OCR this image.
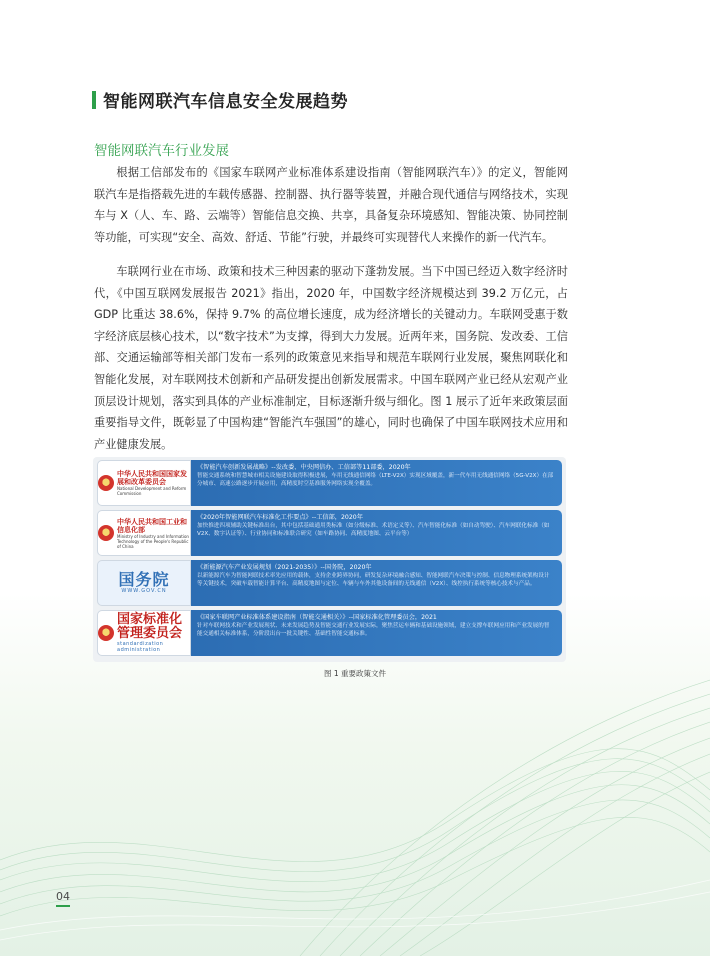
智能网联汽车信息安全发展趋势
智能网联汽车行业发展

根据工信部发布的《国家车联网产业标准体系建设指南（智能网联汽车）》的定义，智能网联汽车是指搭载先进的车载传感器、控制器、执行器等装置，并融合现代通信与网络技术，实现车与 X（人、车、路、云端等）智能信息交换、共享，具备复杂环境感知、智能决策、协同控制等功能，可实现“安全、高效、舒适、节能”行驶，并最终可实现替代人来操作的新一代汽车。

车联网行业在市场、政策和技术三种因素的驱动下蓬勃发展。当下中国已经迈入数字经济时代，《中国互联网发展报告 2021》指出，2020 年，中国数字经济规模达到 39.2 万亿元，占 GDP 比重达 38.6%，保持 9.7% 的高位增长速度，成为经济增长的关键动力。车联网受惠于数字经济底层核心技术，以“数字技术”为支撑，得到大力发展。近两年来，国务院、发改委、工信部、交通运输部等相关部门发布一系列的政策意见来指导和规范车联网行业发展，聚焦网联化和智能化发展，对车联网技术创新和产品研发提出创新发展需求。中国车联网产业已经从宏观产业顶层设计规划，落实到具体的产业标准制定，目标逐渐升级与细化。图 1 展示了近年来政策层面重要指导文件，既彰显了中国构建“智能汽车强国”的雄心，同时也确保了中国车联网技术应用和产业健康发展。

中华人民共和国国家发展和改革委员会
National Development and Reform Commission

《智能汽车创新发展战略》--发改委、中央网信办、工信部等11部委，2020年

智能交通系统和智慧城市相关设施建设取得积极进展，车用无线通信网络（LTE-V2X）实现区域覆盖，新一代车用无线通信网络（5G-V2X）在部分城市、高速公路逐步开展应用，高精度时空基准服务网络实现全覆盖。

中华人民共和国工业和信息化部
Ministry of Industry and Information Technology of the People's Republic of China

《2020年智能网联汽车标准化工作要点》--工信部，2020年

加快推进四项辅助关键标准出台，其中包括基础通用类标准（如分级标准、术语定义等）、汽车智能化标准（如自动驾驶）、汽车网联化标准（如V2X、数字认证等）、行业协同和标准联合研究（如车路协同、高精度地图、云平台等）

国务院
WWW.GOV.CN

《新能源汽车产业发展规划（2021-2035）》--国务院，2020年

以新能源汽车为智能网联技术率先应用的载体，支持企业跨界协同，研发复杂环境融合感知、智能网联汽车决策与控制、信息物理系统架构设计等关键技术，突破车载智能计算平台、高精度地图与定位、车辆与车外其他设备间的无线通信（V2X）、线控执行系统等核心技术与产品。

国家标准化管理委员会
standardization administration

《国家车联网产业标准体系建设指南（智能交通相关）》--国家标准化管理委员会，2021

针对车联网技术和产业发展现状、未来发展趋势及智能交通行业发展实际，聚焦营运车辆和基础设施领域，建立支撑车联网应用和产业发展的智能交通相关标准体系，分阶段出台一批关键性、基础性智能交通标准。

图 1 重要政策文件

04
